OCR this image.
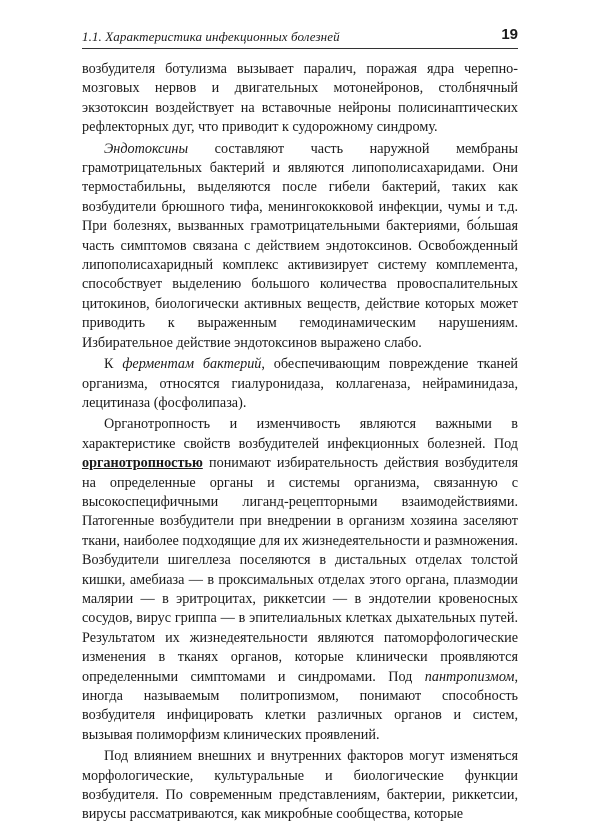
1.1. Характеристика инфекционных болезней	19

возбудителя ботулизма вызывает паралич, поражая ядра черепно-мозговых нервов и двигательных мотонейронов, столбнячный экзотоксин воздействует на вставочные нейроны полисинаптических рефлекторных дуг, что приводит к судорожному синдрому.

Эндотоксины составляют часть наружной мембраны грамотрицательных бактерий и являются липополисахаридами. Они термостабильны, выделяются после гибели бактерий, таких как возбудители брюшного тифа, менингококковой инфекции, чумы и т.д. При болезнях, вызванных грамотрицательными бактериями, бо́льшая часть симптомов связана с действием эндотоксинов. Освобожденный липополисахаридный комплекс активизирует систему комплемента, способствует выделению большого количества провоспалительных цитокинов, биологически активных веществ, действие которых может приводить к выраженным гемодинамическим нарушениям. Избирательное действие эндотоксинов выражено слабо.

К ферментам бактерий, обеспечивающим повреждение тканей организма, относятся гиалуронидаза, коллагеназа, нейраминидаза, лецитиназа (фосфолипаза).

Органотропность и изменчивость являются важными в характеристике свойств возбудителей инфекционных болезней. Под органотропностью понимают избирательность действия возбудителя на определенные органы и системы организма, связанную с высокоспецифичными лиганд-рецепторными взаимодействиями. Патогенные возбудители при внедрении в организм хозяина заселяют ткани, наиболее подходящие для их жизнедеятельности и размножения. Возбудители шигеллеза поселяются в дистальных отделах толстой кишки, амебиаза — в проксимальных отделах этого органа, плазмодии малярии — в эритроцитах, риккетсии — в эндотелии кровеносных сосудов, вирус гриппа — в эпителиальных клетках дыхательных путей. Результатом их жизнедеятельности являются патоморфологические изменения в тканях органов, которые клинически проявляются определенными симптомами и синдромами. Под пантропизмом, иногда называемым политропизмом, понимают способность возбудителя инфицировать клетки различных органов и систем, вызывая полиморфизм клинических проявлений.

Под влиянием внешних и внутренних факторов могут изменяться морфологические, культуральные и биологические функции возбудителя. По современным представлениям, бактерии, риккетсии, вирусы рассматриваются, как микробные сообщества, которые
